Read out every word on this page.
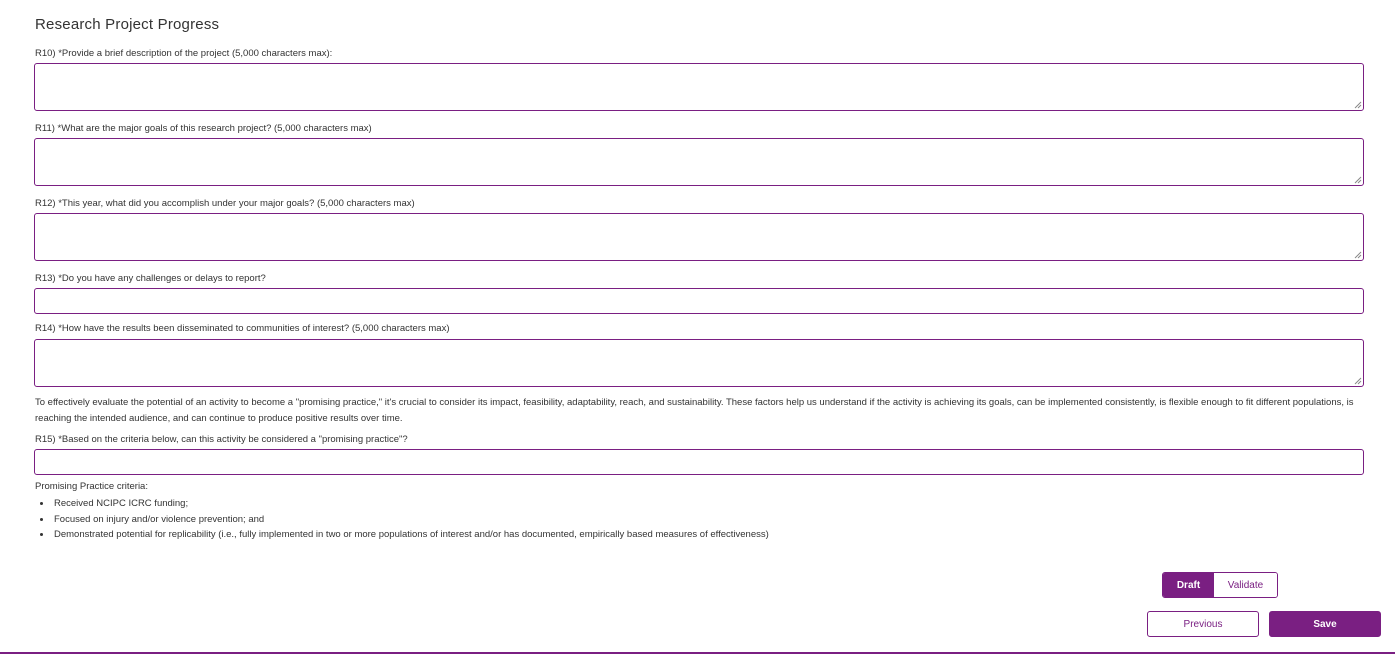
Research Project Progress
R10) *Provide a brief description of the project (5,000 characters max):
R11) *What are the major goals of this research project? (5,000 characters max)
R12) *This year, what did you accomplish under your major goals? (5,000 characters max)
R13) *Do you have any challenges or delays to report?
R14) *How have the results been disseminated to communities of interest? (5,000 characters max)
To effectively evaluate the potential of an activity to become a "promising practice," it's crucial to consider its impact, feasibility, adaptability, reach, and sustainability. These factors help us understand if the activity is achieving its goals, can be implemented consistently, is flexible enough to fit different populations, is reaching the intended audience, and can continue to produce positive results over time.
R15) *Based on the criteria below, can this activity be considered a "promising practice"?
Promising Practice criteria:
Received NCIPC ICRC funding;
Focused on injury and/or violence prevention; and
Demonstrated potential for replicability (i.e., fully implemented in two or more populations of interest and/or has documented, empirically based measures of effectiveness)
Draft	Validate
Previous	Save
